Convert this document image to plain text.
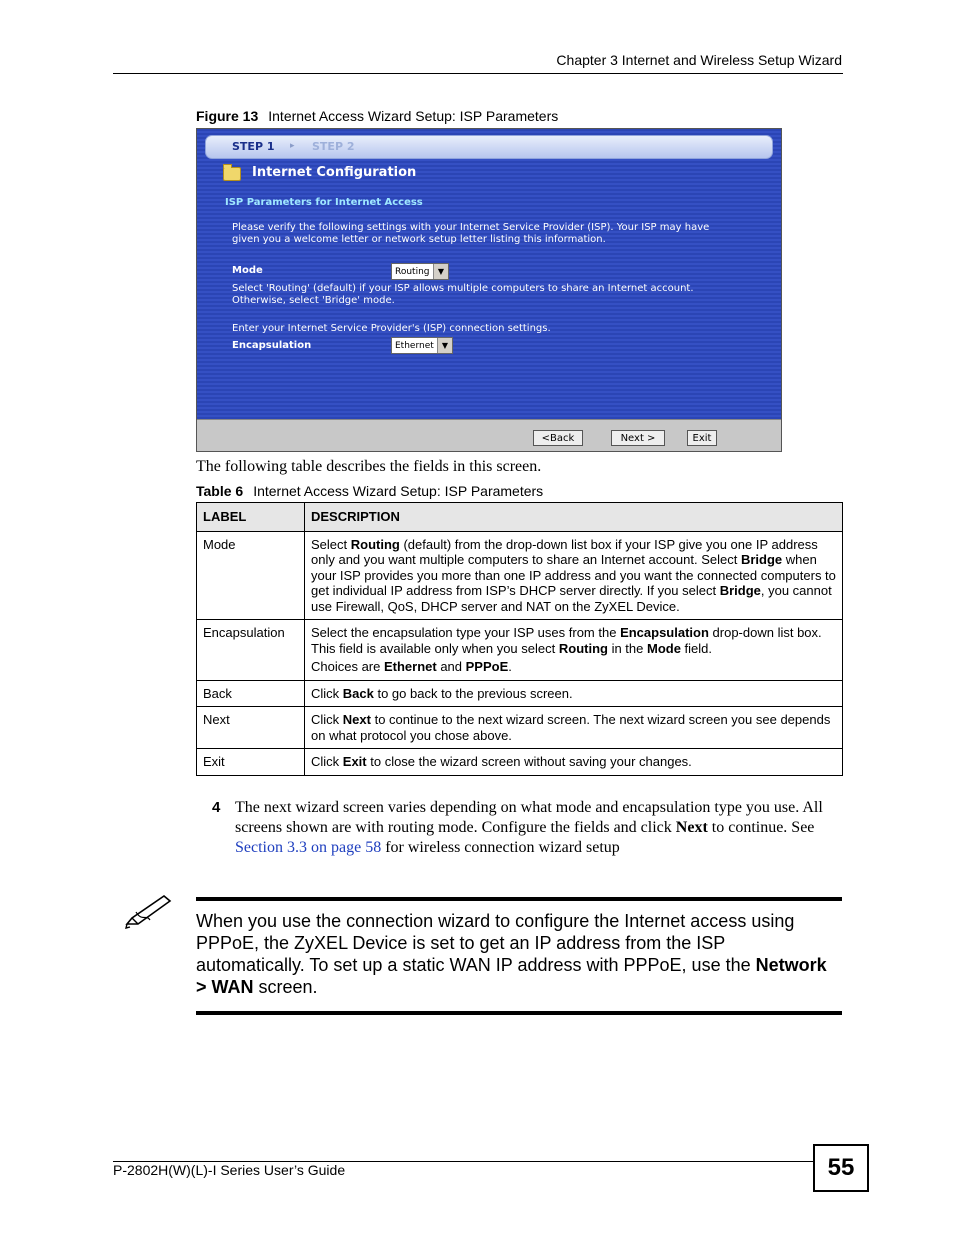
Chapter 3 Internet and Wireless Setup Wizard
Figure 13 Internet Access Wizard Setup: ISP Parameters
STEP 1 ▸ STEP 2
Internet Configuration
ISP Parameters for Internet Access
Please verify the following settings with your Internet Service Provider (ISP). Your ISP may have
given you a welcome letter or network setup letter listing this information.
Mode	Routing	▼
Select 'Routing' (default) if your ISP allows multiple computers to share an Internet account.
Otherwise, select 'Bridge' mode.
Enter your Internet Service Provider's (ISP) connection settings.
Encapsulation	Ethernet	▼
<Back	Next >	Exit
The following table describes the fields in this screen.
Table 6 Internet Access Wizard Setup: ISP Parameters
LABEL	DESCRIPTION
Mode	Select Routing (default) from the drop-down list box if your ISP give you one IP address only and you want multiple computers to share an Internet account. Select Bridge when your ISP provides you more than one IP address and you want the connected computers to get individual IP address from ISP’s DHCP server directly. If you select Bridge, you cannot use Firewall, QoS, DHCP server and NAT on the ZyXEL Device.
Encapsulation	Select the encapsulation type your ISP uses from the Encapsulation drop-down list box. This field is available only when you select Routing in the Mode field.
Choices are Ethernet and PPPoE.

Back	Click Back to go back to the previous screen.
Next	Click Next to continue to the next wizard screen. The next wizard screen you see depends on what protocol you chose above.
Exit	Click Exit to close the wizard screen without saving your changes.
4 The next wizard screen varies depending on what mode and encapsulation type you use. All screens shown are with routing mode. Configure the fields and click Next to continue. See Section 3.3 on page 58 for wireless connection wizard setup
When you use the connection wizard to configure the Internet access using PPPoE, the ZyXEL Device is set to get an IP address from the ISP automatically. To set up a static WAN IP address with PPPoE, use the Network > WAN screen.
P-2802H(W)(L)-I Series User’s Guide	55
